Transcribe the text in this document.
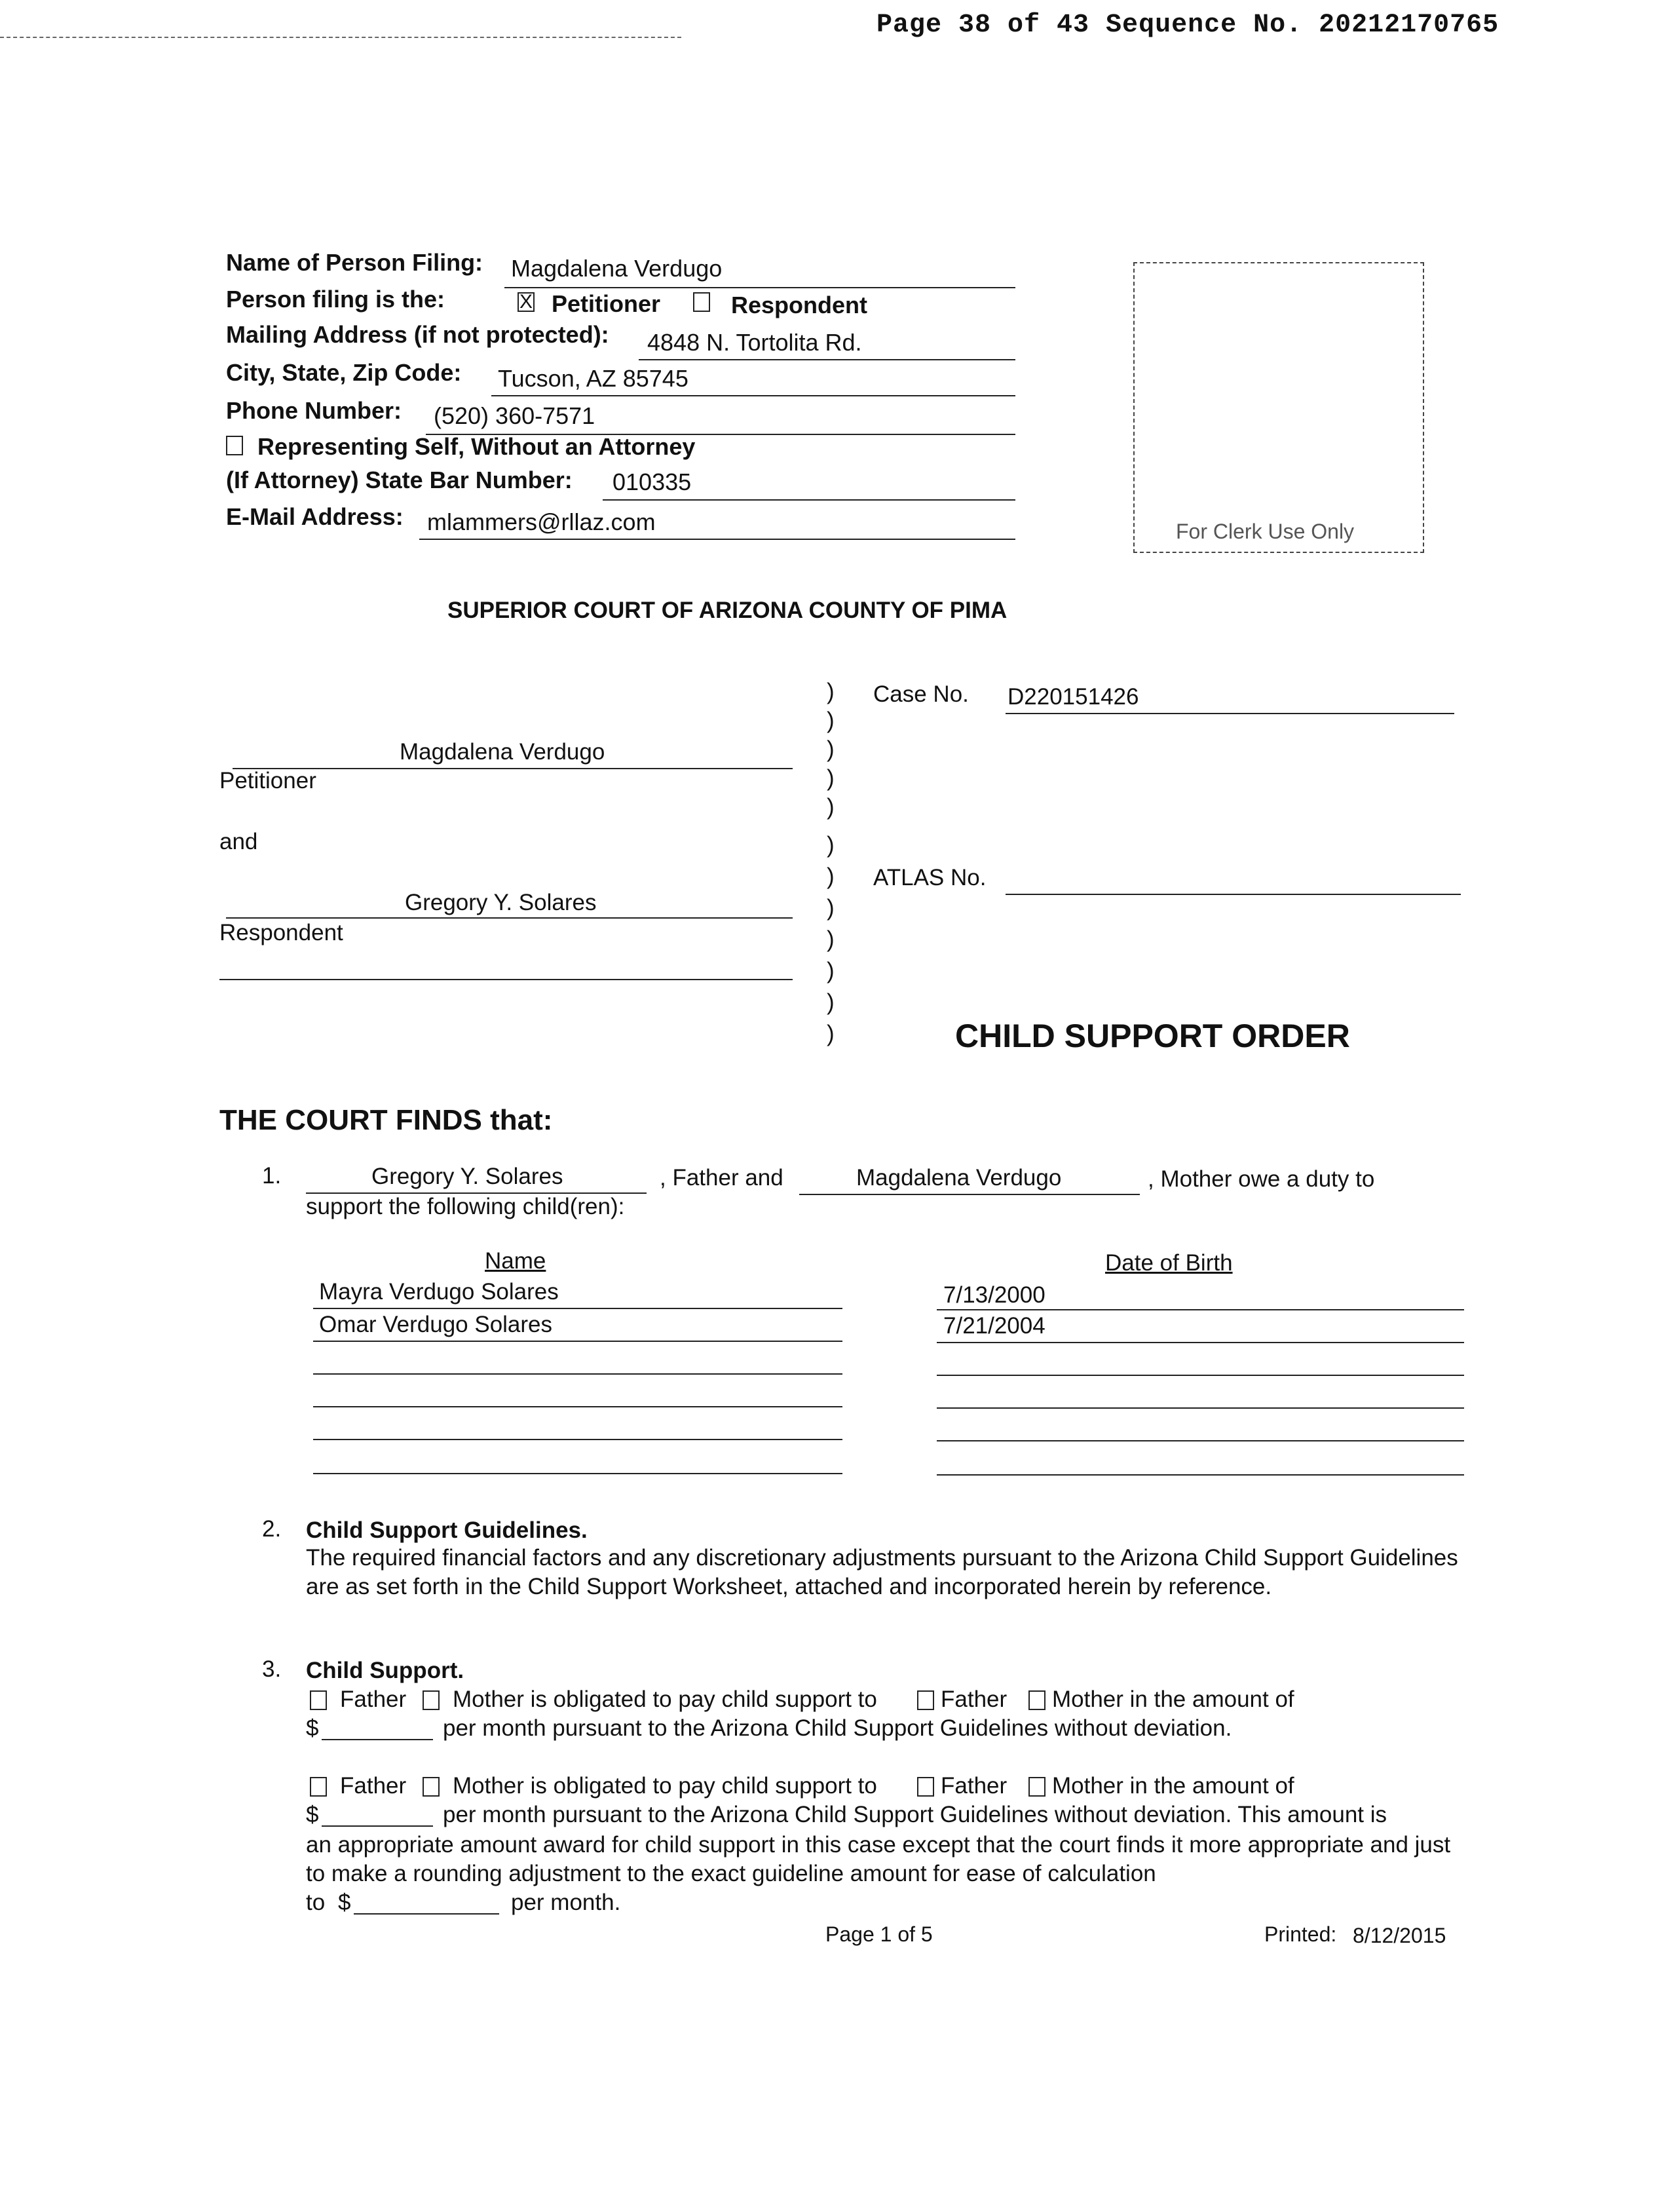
Page 38 of 43 Sequence No. 20212170765
Name of Person Filing: Magdalena Verdugo
Person filing is the:	X Petitioner	Respondent
Mailing Address (if not protected): 4848 N. Tortolita Rd.
City, State, Zip Code: Tucson, AZ 85745
Phone Number: (520) 360-7571
Representing Self, Without an Attorney
(If Attorney) State Bar Number: 010335
E-Mail Address: mlammers@rllaz.com	For Clerk Use Only
SUPERIOR COURT OF ARIZONA COUNTY OF PIMA
)
)
)
)
)
)
)
)
)
)
)
)
Magdalena Verdugo
Petitioner
and
Gregory Y. Solares
Respondent
Case No. D220151426
ATLAS No.
CHILD SUPPORT ORDER
THE COURT FINDS that:
1.	Gregory Y. Solares	, Father and	Magdalena Verdugo	, Mother owe a duty to
support the following child(ren):
Name	Date of Birth
Mayra Verdugo Solares	7/13/2000
Omar Verdugo Solares	7/21/2004
2. Child Support Guidelines.
The required financial factors and any discretionary adjustments pursuant to the Arizona Child Support Guidelines are as set forth in the Child Support Worksheet, attached and incorporated herein by reference.
3. Child Support.
Father Mother is obligated to pay child support to	Father Mother in the amount of
$	per month pursuant to the Arizona Child Support Guidelines without deviation.
Father Mother is obligated to pay child support to	Father Mother in the amount of
$	per month pursuant to the Arizona Child Support Guidelines without deviation. This amount is
an appropriate amount award for child support in this case except that the court finds it more appropriate and just to make a rounding adjustment to the exact guideline amount for ease of calculation
to $	per month.
Page 1 of 5	Printed: 8/12/2015
